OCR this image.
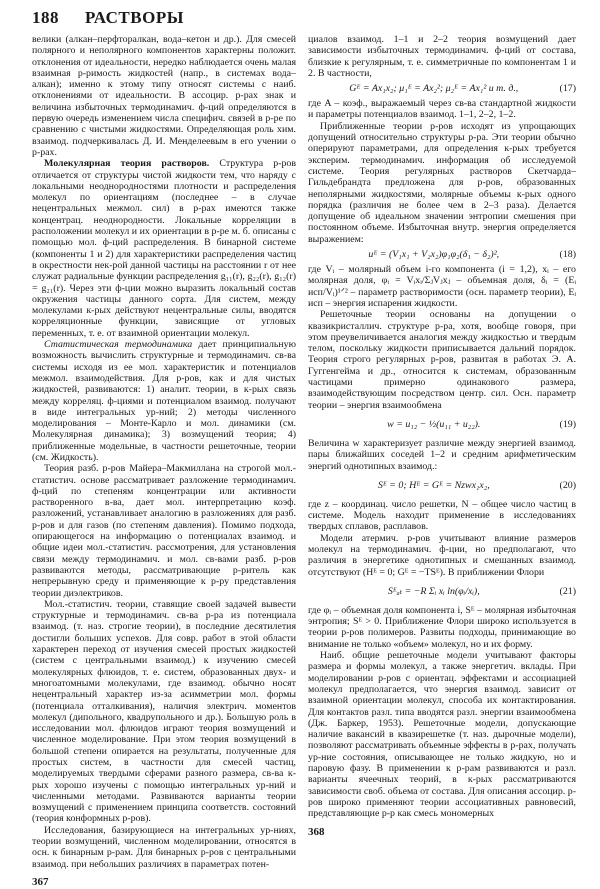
188 РАСТВОРЫ

велики (алкан–перфторалкан, вода–кетон и др.). Для смесей полярного и неполярного компонентов характерны положит. отклонения от идеальности, нередко наблюдается очень малая взаимная р-римость жидкостей (напр., в системах вода–алкан); именно к этому типу относят системы с наиб. отклонениями от идеальности. В ассоцир. р-рах знак и величина избыточных термодинамич. ф-ций определяются в первую очередь изменением числа специфич. связей в р-ре по сравнению с чистыми жидкостями. Определяющая роль хим. взаимод. подчеркивалась Д. И. Менделеевым в его учении о р-рах.

Молекулярная теория растворов. Структура р-ров отличается от структуры чистой жидкости тем, что наряду с локальными неоднородностями плотности и распределения молекул по ориентациям (последнее – в случае нецентральных межмол. сил) в р-рах имеются также концентрац. неоднородности. Локальные корреляции в расположении молекул и их ориентации в р-ре м. б. описаны с помощью мол. ф-ций распределения. В бинарной системе (компоненты 1 и 2) для характеристики распределения частиц в окрестности нек-рой данной частицы на расстоянии r от нее служат радиальные функции распределения g₁₁(r), g₂₂(r), g₁₂(r) = g₂₁(r). Через эти ф-ции можно выразить локальный состав окружения частицы данного сорта. Для систем, между молекулами к-рых действуют нецентральные силы, вводятся корреляционные функции, зависящие от угловых переменных, т. е. от взаимной ориентации молекул.

Статистическая термодинамика дает принципиальную возможность вычислить структурные и термодинамич. св-ва системы исходя из ее мол. характеристик и потенциалов межмол. взаимодействия. Для р-ров, как и для чистых жидкостей, развиваются: 1) аналит. теории, в к-рых связь между корреляц. ф-циями и потенциалом взаимод. получают в виде интегральных ур-ний; 2) методы численного моделирования – Монте-Карло и мол. динамики (см. Молекулярная динамика); 3) возмущений теория; 4) приближенные модельные, в частности решеточные, теории (см. Жидкость).

Теория разб. р-ров Майера–Макмиллана на строгой мол.-статистич. основе рассматривает разложение термодинамич. ф-ций по степеням концентрации или активности растворенного в-ва, дает мол. интерпретацию коэф. разложений, устанавливает аналогию в разложениях для разб. р-ров и для газов (по степеням давления). Помимо подхода, опирающегося на информацию о потенциалах взаимод. и общие идеи мол.-статистич. рассмотрения, для установления связи между термодинамич. и мол. св-вами разб. р-ров развиваются методы, рассматривающие р-ритель как непрерывную среду и применяющие к р-ру представления теории диэлектриков.

Мол.-статистич. теории, ставящие своей задачей вывести структурные и термодинамич. св-ва р-ра из потенциала взаимод. (т. наз. строгие теории), в последние десятилетия достигли больших успехов. Для совр. работ в этой области характерен переход от изучения смесей простых жидкостей (систем с центральными взаимод.) к изучению смесей молекулярных флюидов, т. е. систем, образованных двух- и многоатомными молекулами, где взаимод. обычно носят нецентральный характер из-за асимметрии мол. формы (потенциала отталкивания), наличия электрич. моментов молекул (дипольного, квадрупольного и др.). Большую роль в исследовании мол. флюидов играют теория возмущений и численное моделирование. При этом теория возмущений в большой степени опирается на результаты, полученные для простых систем, в частности для смесей частиц, моделируемых твердыми сферами разного размера, св-ва к-рых хорошо изучены с помощью интегральных ур-ний и численными методами. Развиваются варианты теории возмущений с применением принципа соответств. состояний (теория конформных р-ров).

Исследования, базирующиеся на интегральных ур-ниях, теории возмущений, численном моделировании, относятся в осн. к бинарным р-рам. Для бинарных р-ров с центральными взаимод. при небольших различиях в параметрах потен-

367

циалов взаимод. 1–1 и 2–2 теория возмущений дает зависимости избыточных термодинамич. ф-ций от состава, близкие к регулярным, т. е. симметричные по компонентам 1 и 2. В частности,

Gᴱ = Ax₁x₂; μ₁ᴱ = Ax₂²; μ₂ᴱ = Ax₁² и т. д.,	(17)

где A – коэф., выражаемый через св-ва стандартной жидкости и параметры потенциалов взаимод. 1–1, 2–2, 1–2.

Приближенные теории р-ров исходят из упрощающих допущений относительно структуры р-ра. Эти теории обычно оперируют параметрами, для определения к-рых требуется эксперим. термодинамич. информация об исследуемой системе. Теория регулярных растворов Скетчарда–Гильдебрандта предложена для р-ров, образованных неполярными жидкостями, молярные объемы к-рых одного порядка (различия не более чем в 2–3 раза). Делается допущение об идеальном значении энтропии смешения при постоянном объеме. Избыточная внутр. энергия определяется выражением:

uᴱ = (V₁x₁ + V₂x₂)φ₁φ₂(δ₁ − δ₂)²,	(18)

где Vᵢ – молярный объем i-го компонента (i = 1,2), xᵢ – его молярная доля, φᵢ = Vᵢxᵢ/ΣⱼVⱼxⱼ – объемная доля, δᵢ = (Eᵢ исп/Vᵢ)¹ᐟ² – параметр растворимости (осн. параметр теории), Eᵢ исп – энергия испарения жидкости.

Решеточные теории основаны на допущении о квазикристаллич. структуре р-ра, хотя, вообще говоря, при этом преувеличивается аналогия между жидкостью и твердым телом, поскольку жидкости приписывается дальний порядок. Теория строго регулярных р-ров, развитая в работах Э. А. Гуггенгейма и др., относится к системам, образованным частицами примерно одинакового размера, взаимодействующим посредством центр. сил. Осн. параметр теории – энергия взаимообмена

w = u₁₂ − ½(u₁₁ + u₂₂).	(19)

Величина w характеризует различие между энергией взаимод. пары ближайших соседей 1–2 и средним арифметическим энергий однотипных взаимод.:

Sᴱ = 0; Hᴱ = Gᴱ = Nzwx₁x₂,	(20)

где z – координац. число решетки, N – общее число частиц в системе. Модель находит применение в исследованиях твердых сплавов, расплавов.

Модели атермич. р-ров учитывают влияние размеров молекул на термодинамич. ф-ции, но предполагают, что различия в энергетике однотипных и смешанных взаимод. отсутствуют (Hᴱ = 0; Gᴱ = −TSᴱ). В приближении Флори

Sᴱₐₜ = −R Σᵢ xᵢ ln(φᵢ/xᵢ),	(21)

где φᵢ – объемная доля компонента i, Sᴱ – молярная избыточная энтропия; Sᴱ > 0. Приближение Флори широко используется в теории р-ров полимеров. Развиты подходы, принимающие во внимание не только «объем» молекул, но и их форму.

Наиб. общие решеточные модели учитывают факторы размера и формы молекул, а также энергетич. вклады. При моделировании р-ров с ориентац. эффектами и ассоциацией молекул предполагается, что энергия взаимод. зависит от взаимной ориентации молекул, способа их контактирования. Для контактов разл. типа вводятся разл. энергии взаимообмена (Дж. Баркер, 1953). Решеточные модели, допускающие наличие вакансий в квазирешетке (т. наз. дырочные модели), позволяют рассматривать объемные эффекты в р-рах, получать ур-ние состояния, описывающее не только жидкую, но и паровую фазу. В применении к р-рам развиваются и разл. варианты ячеечных теорий, в к-рых рассматриваются зависимости своб. объема от состава. Для описания ассоцир. р-ров широко применяют теории ассоциативных равновесий, представляющие р-р как смесь мономерных

368
